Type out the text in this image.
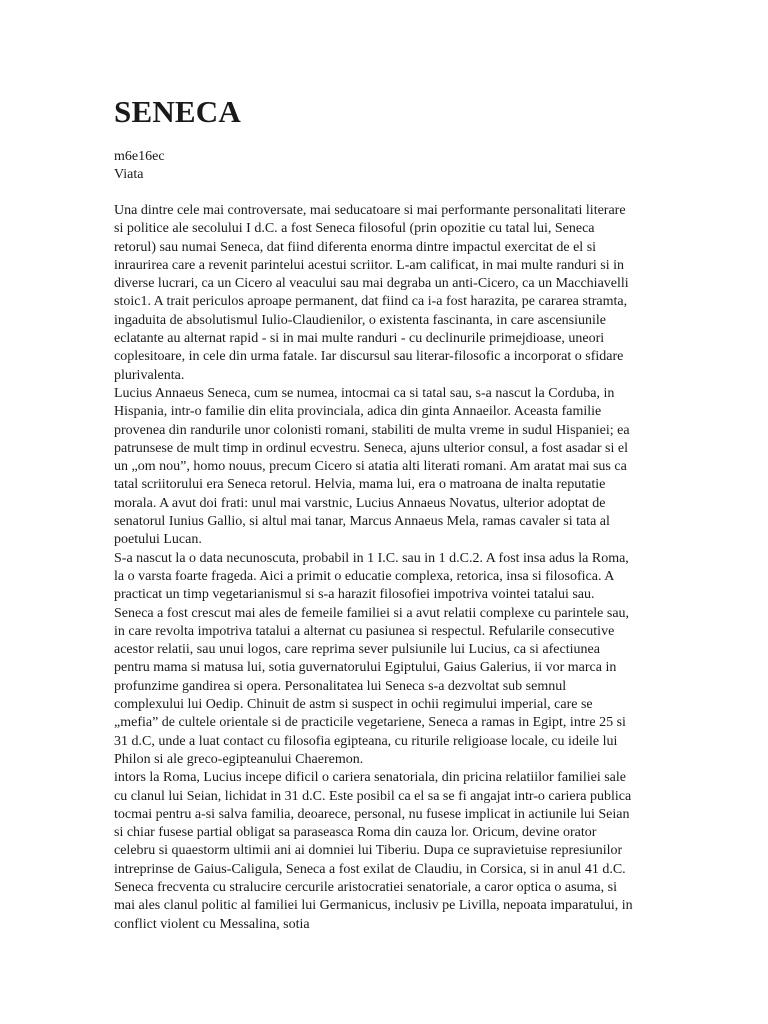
SENECA
m6e16ec
Viata

Una dintre cele mai controversate, mai seducatoare si mai performante personalitati literare si politice ale secolului I d.C. a fost Seneca filosoful (prin opozitie cu tatal lui, Seneca retorul) sau numai Seneca, dat fiind diferenta enorma dintre impactul exercitat de el si inraurirea care a revenit parintelui acestui scriitor. L-am calificat, in mai multe randuri si in diverse lucrari, ca un Cicero al veacului sau mai degraba un anti-Cicero, ca un Macchiavelli stoic1. A trait periculos aproape permanent, dat fiind ca i-a fost harazita, pe cararea stramta, ingaduita de absolutismul Iulio-Claudienilor, o existenta fascinanta, in care ascensiunile eclatante au alternat rapid - si in mai multe randuri - cu declinurile primejdioase, uneori coplesitoare, in cele din urma fatale. Iar discursul sau literar-filosofic a incorporat o sfidare plurivalenta.

Lucius Annaeus Seneca, cum se numea, intocmai ca si tatal sau, s-a nascut la Corduba, in Hispania, intr-o familie din elita provinciala, adica din ginta Annaeilor. Aceasta familie provenea din randurile unor colonisti romani, stabiliti de multa vreme in sudul Hispaniei; ea patrunsese de mult timp in ordinul ecvestru. Seneca, ajuns ulterior consul, a fost asadar si el un „om nou”, homo nouus, precum Cicero si atatia alti literati romani. Am aratat mai sus ca tatal scriitorului era Seneca retorul. Helvia, mama lui, era o matroana de inalta reputatie morala. A avut doi frati: unul mai varstnic, Lucius Annaeus Novatus, ulterior adoptat de senatorul Iunius Gallio, si altul mai tanar, Marcus Annaeus Mela, ramas cavaler si tata al poetului Lucan.

S-a nascut la o data necunoscuta, probabil in 1 I.C. sau in 1 d.C.2. A fost insa adus la Roma, la o varsta foarte frageda. Aici a primit o educatie complexa, retorica, insa si filosofica. A practicat un timp vegetarianismul si s-a harazit filosofiei impotriva vointei tatalui sau. Seneca a fost crescut mai ales de femeile familiei si a avut relatii complexe cu parintele sau, in care revolta impotriva tatalui a alternat cu pasiunea si respectul. Refularile consecutive acestor relatii, sau unui logos, care reprima sever pulsiunile lui Lucius, ca si afectiunea pentru mama si matusa lui, sotia guvernatorului Egiptului, Gaius Galerius, ii vor marca in profunzime gandirea si opera. Personalitatea lui Seneca s-a dezvoltat sub semnul complexului lui Oedip. Chinuit de astm si suspect in ochii regimului imperial, care se „mefia” de cultele orientale si de practicile vegetariene, Seneca a ramas in Egipt, intre 25 si 31 d.C, unde a luat contact cu filosofia egipteana, cu riturile religioase locale, cu ideile lui Philon si ale greco-egipteanului Chaeremon.

intors la Roma, Lucius incepe dificil o cariera senatoriala, din pricina relatiilor familiei sale cu clanul lui Seian, lichidat in 31 d.C. Este posibil ca el sa se fi angajat intr-o cariera publica tocmai pentru a-si salva familia, deoarece, personal, nu fusese implicat in actiunile lui Seian si chiar fusese partial obligat sa paraseasca Roma din cauza lor. Oricum, devine orator celebru si quaestorm ultimii ani ai domniei lui Tiberiu. Dupa ce supravietuise represiunilor intreprinse de Gaius-Caligula, Seneca a fost exilat de Claudiu, in Corsica, si in anul 41 d.C. Seneca frecventa cu stralucire cercurile aristocratiei senatoriale, a caror optica o asuma, si mai ales clanul politic al familiei lui Germanicus, inclusiv pe Livilla, nepoata imparatului, in conflict violent cu Messalina, sotia
